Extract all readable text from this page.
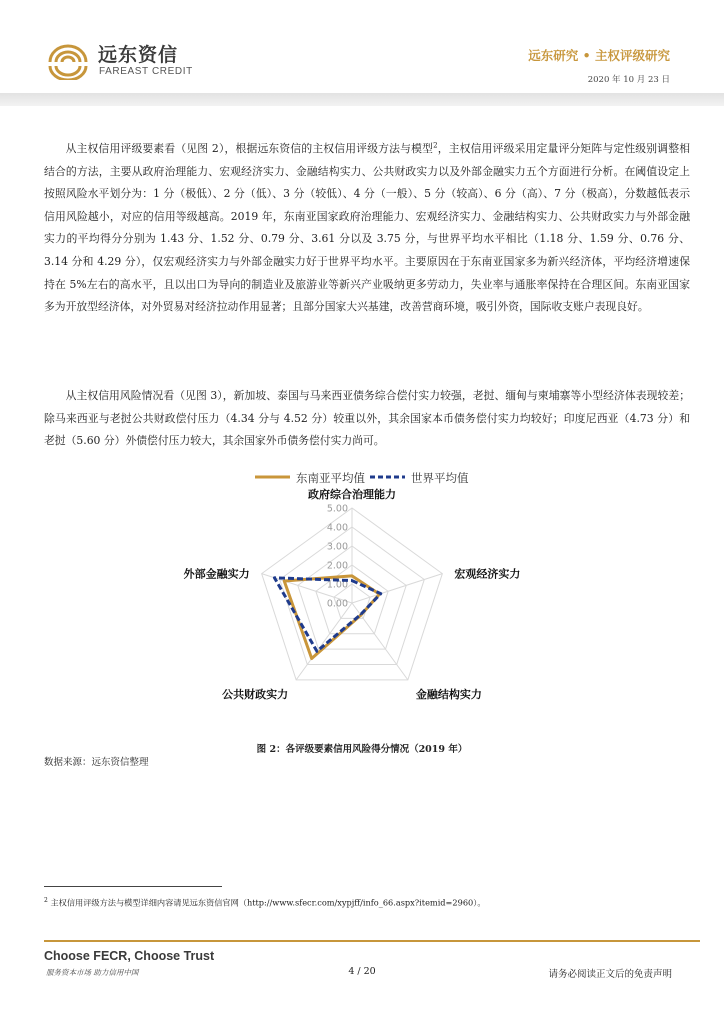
远东资信
FAREAST CREDIT
远东研究 • 主权评级研究
2020 年 10 月 23 日
从主权信用评级要素看（见图 2），根据远东资信的主权信用评级方法与模型$^2$，主权信用评级采用定量评分矩阵与定性级别调整相结合的方法，主要从政府治理能力、宏观经济实力、金融结构实力、公共财政实力以及外部金融实力五个方面进行分析。在阈值设定上按照风险水平划分为：1 分（极低）、2 分（低）、3 分（较低）、4 分（一般）、5 分（较高）、6 分（高）、7 分（极高），分数越低表示信用风险越小，对应的信用等级越高。2019 年，东南亚国家政府治理能力、宏观经济实力、金融结构实力、公共财政实力与外部金融实力的平均得分分别为 1.43 分、1.52 分、0.79 分、3.61 分以及 3.75 分，与世界平均水平相比（1.18 分、1.59 分、0.76 分、3.14 分和 4.29 分），仅宏观经济实力与外部金融实力好于世界平均水平。主要原因在于东南亚国家多为新兴经济体，平均经济增速保持在 5%左右的高水平，且以出口为导向的制造业及旅游业等新兴产业吸纳更多劳动力，失业率与通胀率保持在合理区间。东南亚国家多为开放型经济体，对外贸易对经济拉动作用显著；且部分国家大兴基建，改善营商环境，吸引外资，国际收支账户表现良好。
从主权信用风险情况看（见图 3），新加坡、泰国与马来西亚债务综合偿付实力较强，老挝、缅甸与柬埔寨等小型经济体表现较差；除马来西亚与老挝公共财政偿付压力（4.34 分与 4.52 分）较重以外，其余国家本币债务偿付实力均较好；印度尼西亚（4.73 分）和老挝（5.60 分）外债偿付压力较大，其余国家外币债务偿付实力尚可。
东南亚平均值	世界平均值
0.00
1.00
2.00
3.00
4.00
5.00
政府综合治理能力
宏观经济实力
金融结构实力
公共财政实力
外部金融实力
图 2：各评级要素信用风险得分情况（2019 年）
数据来源：远东资信整理
$^2$ 主权信用评级方法与模型详细内容请见远东资信官网（http://www.sfecr.com/xypjff/info_66.aspx?itemid=2960）。
Choose FECR, Choose Trust
服务资本市场 助力信用中国	4 / 20	请务必阅读正文后的免责声明
